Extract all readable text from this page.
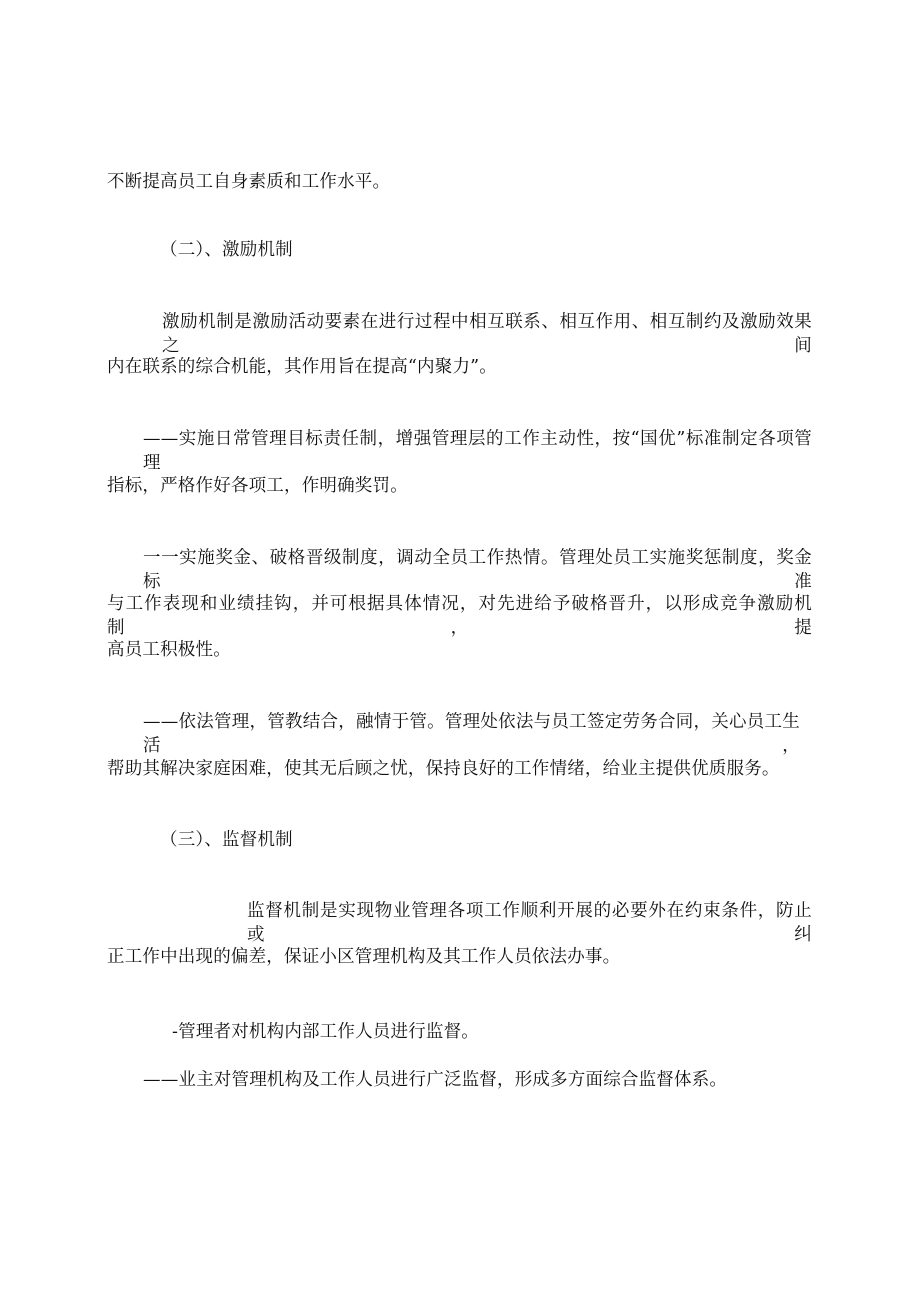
不断提高员工自身素质和工作水平。
（二）、激励机制
激励机制是激励活动要素在进行过程中相互联系、相互作用、相互制约及激励效果之间
内在联系的综合机能，其作用旨在提高“内聚力”。
——实施日常管理目标责任制，增强管理层的工作主动性，按“国优”标准制定各项管理
指标，严格作好各项工，作明确奖罚。
一一实施奖金、破格晋级制度，调动全员工作热情。管理处员工实施奖惩制度，奖金标准
与工作表现和业绩挂钩，并可根据具体情况，对先进给予破格晋升，以形成竞争激励机制，提
高员工积极性。
——依法管理，管教结合，融情于管。管理处依法与员工签定劳务合同，关心员工生活，
帮助其解决家庭困难，使其无后顾之忧，保持良好的工作情绪，给业主提供优质服务。
（三）、监督机制
监督机制是实现物业管理各项工作顺利开展的必要外在约束条件，防止或纠
正工作中出现的偏差，保证小区管理机构及其工作人员依法办事。
-管理者对机构内部工作人员进行监督。
——业主对管理机构及工作人员进行广泛监督，形成多方面综合监督体系。
